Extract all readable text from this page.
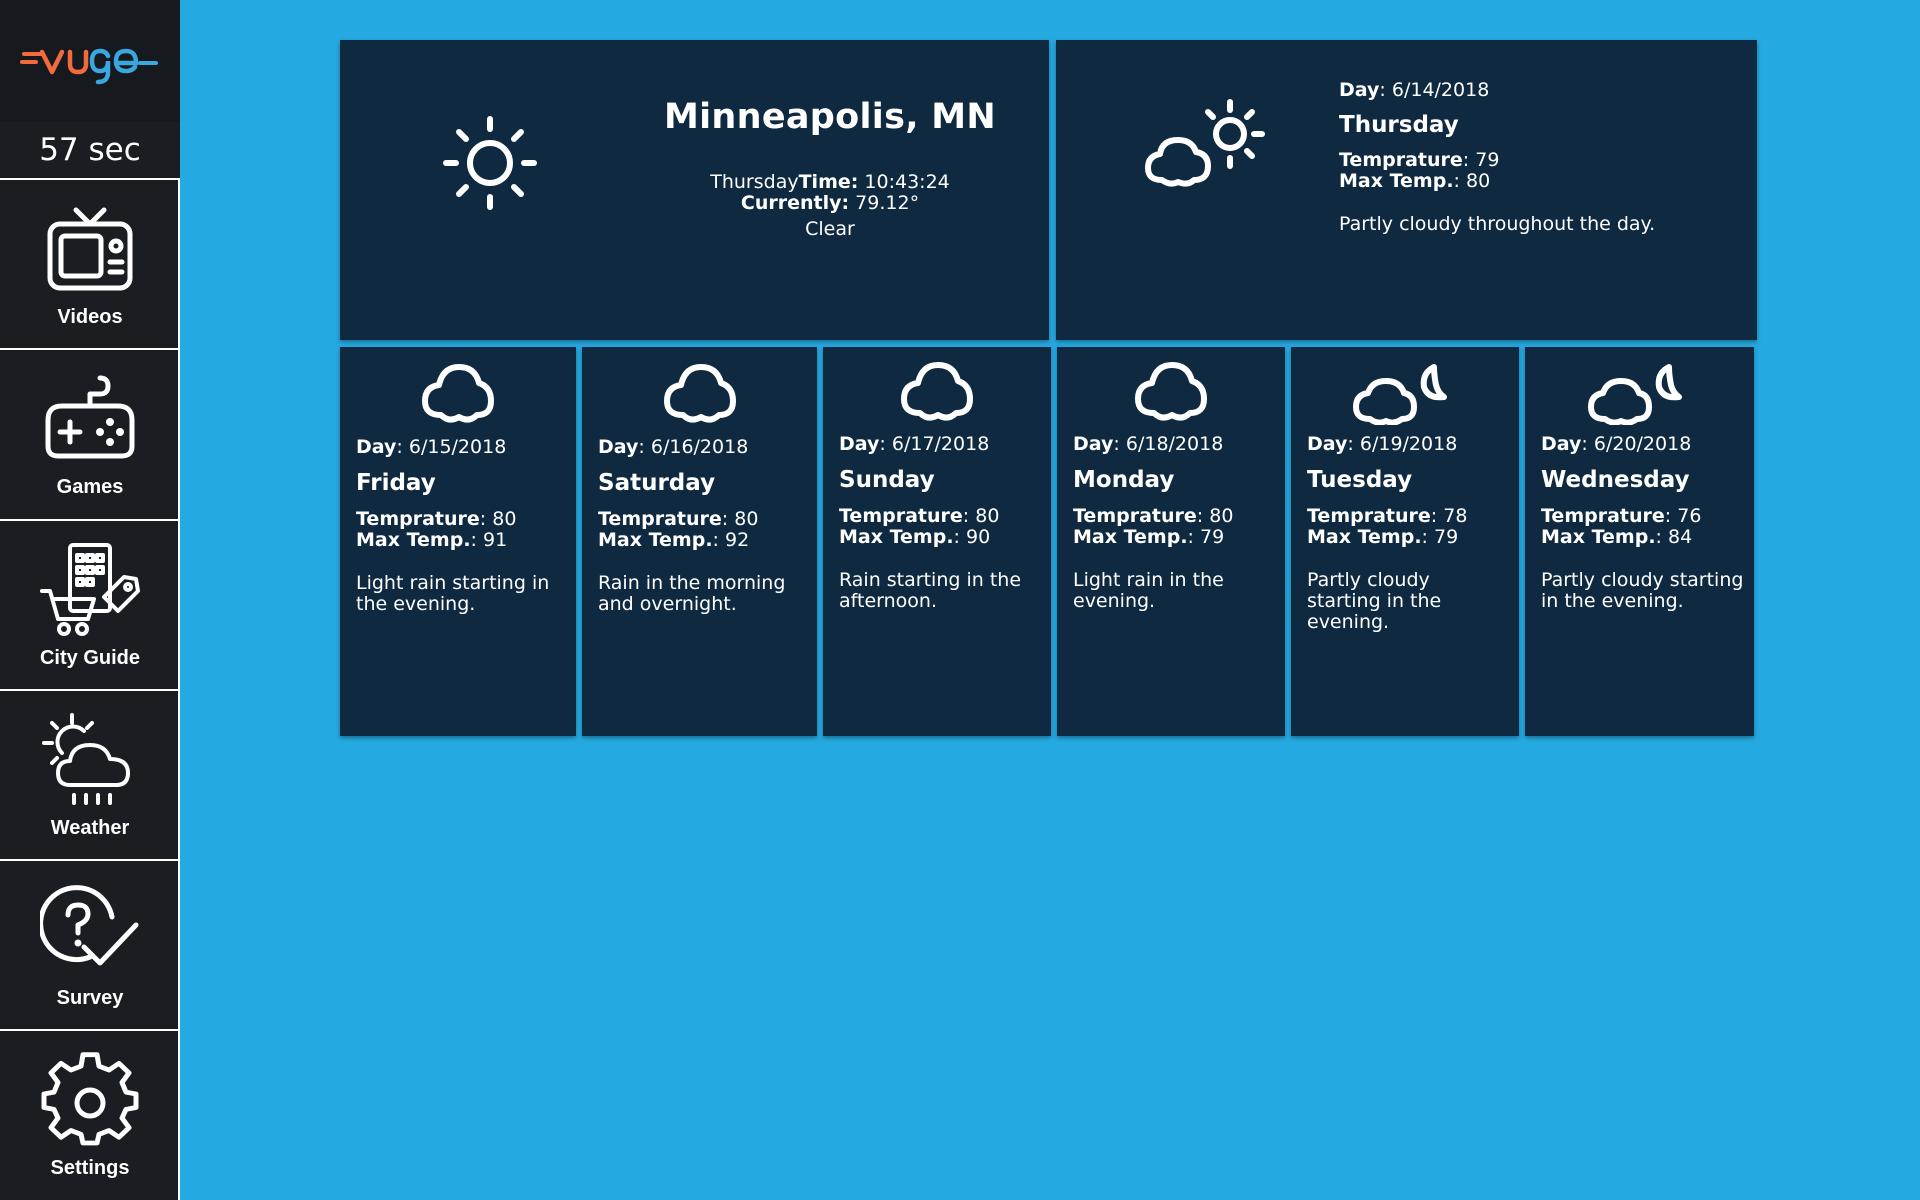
57 sec
Videos
Games
City Guide
Weather
Survey
Settings
Minneapolis, MN
ThursdayTime: 10:43:24
Currently: 79.12°
Clear
Day: 6/14/2018
Thursday
Temprature: 79
Max Temp.: 80
Partly cloudy throughout the day.
Day: 6/15/2018
Friday
Temprature: 80
Max Temp.: 91
Light rain starting in the evening.
Day: 6/16/2018
Saturday
Temprature: 80
Max Temp.: 92
Rain in the morning and overnight.
Day: 6/17/2018
Sunday
Temprature: 80
Max Temp.: 90
Rain starting in the afternoon.
Day: 6/18/2018
Monday
Temprature: 80
Max Temp.: 79
Light rain in the evening.
Day: 6/19/2018
Tuesday
Temprature: 78
Max Temp.: 79
Partly cloudy starting in the evening.
Day: 6/20/2018
Wednesday
Temprature: 76
Max Temp.: 84
Partly cloudy starting in the evening.
